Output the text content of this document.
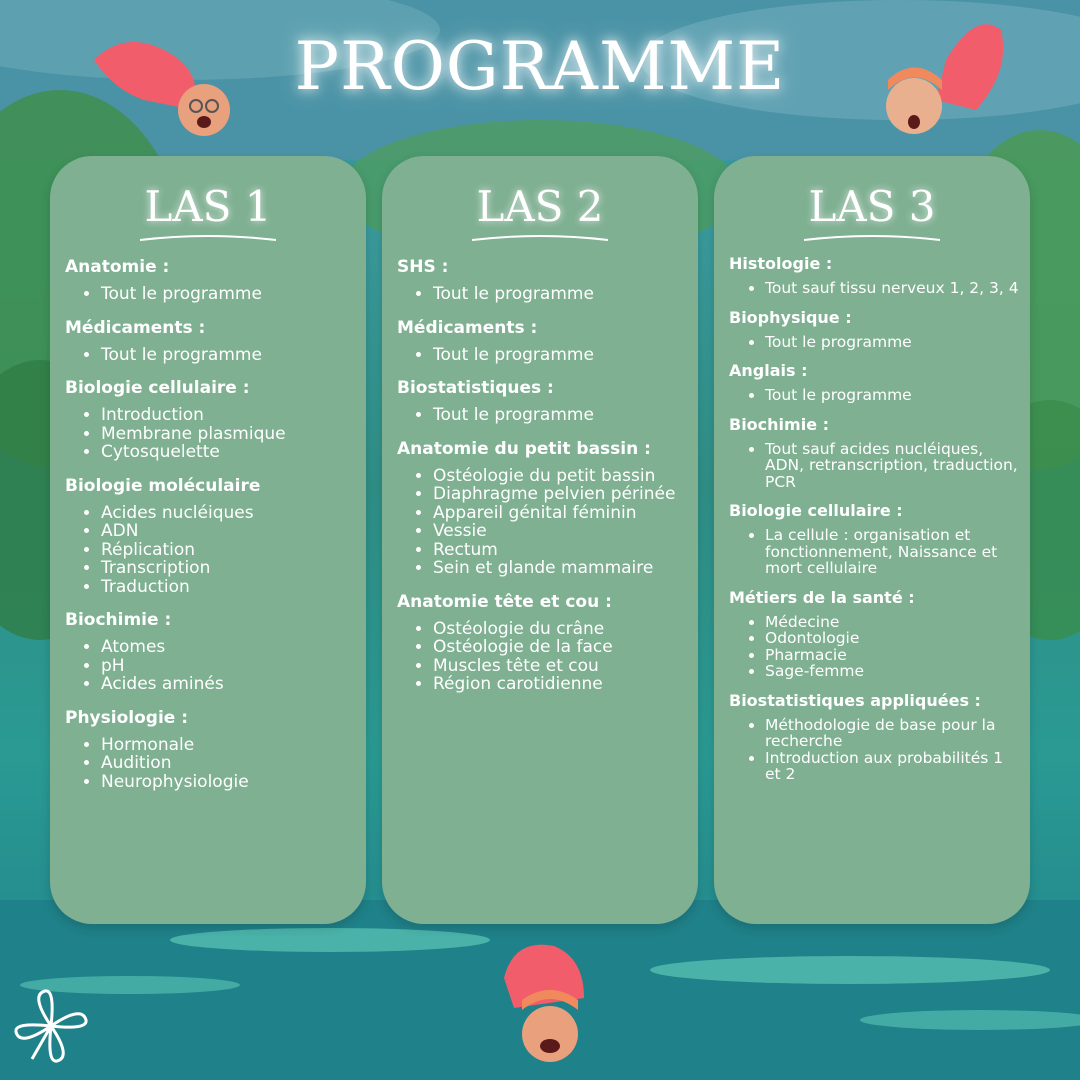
PROGRAMME
LAS 1
Anatomie :
• Tout le programme
Médicaments :
• Tout le programme
Biologie cellulaire :
• Introduction
• Membrane plasmique
• Cytosquelette
Biologie moléculaire
• Acides nucléiques
• ADN
• Réplication
• Transcription
• Traduction
Biochimie :
• Atomes
• pH
• Acides aminés
Physiologie :
• Hormonale
• Audition
• Neurophysiologie
LAS 2
SHS :
• Tout le programme
Médicaments :
• Tout le programme
Biostatistiques :
• Tout le programme
Anatomie du petit bassin :
• Ostéologie du petit bassin
• Diaphragme pelvien périnée
• Appareil génital féminin
• Vessie
• Rectum
• Sein et glande mammaire
Anatomie tête et cou :
• Ostéologie du crâne
• Ostéologie de la face
• Muscles tête et cou
• Région carotidienne
LAS 3
Histologie :
• Tout sauf tissu nerveux 1, 2, 3, 4
Biophysique :
• Tout le programme
Anglais :
• Tout le programme
Biochimie :
• Tout sauf acides nucléiques, ADN, retranscription, traduction, PCR
Biologie cellulaire :
• La cellule : organisation et fonctionnement, Naissance et mort cellulaire
Métiers de la santé :
• Médecine
• Odontologie
• Pharmacie
• Sage-femme
Biostatistiques appliquées :
• Méthodologie de base pour la recherche
• Introduction aux probabilités 1 et 2
